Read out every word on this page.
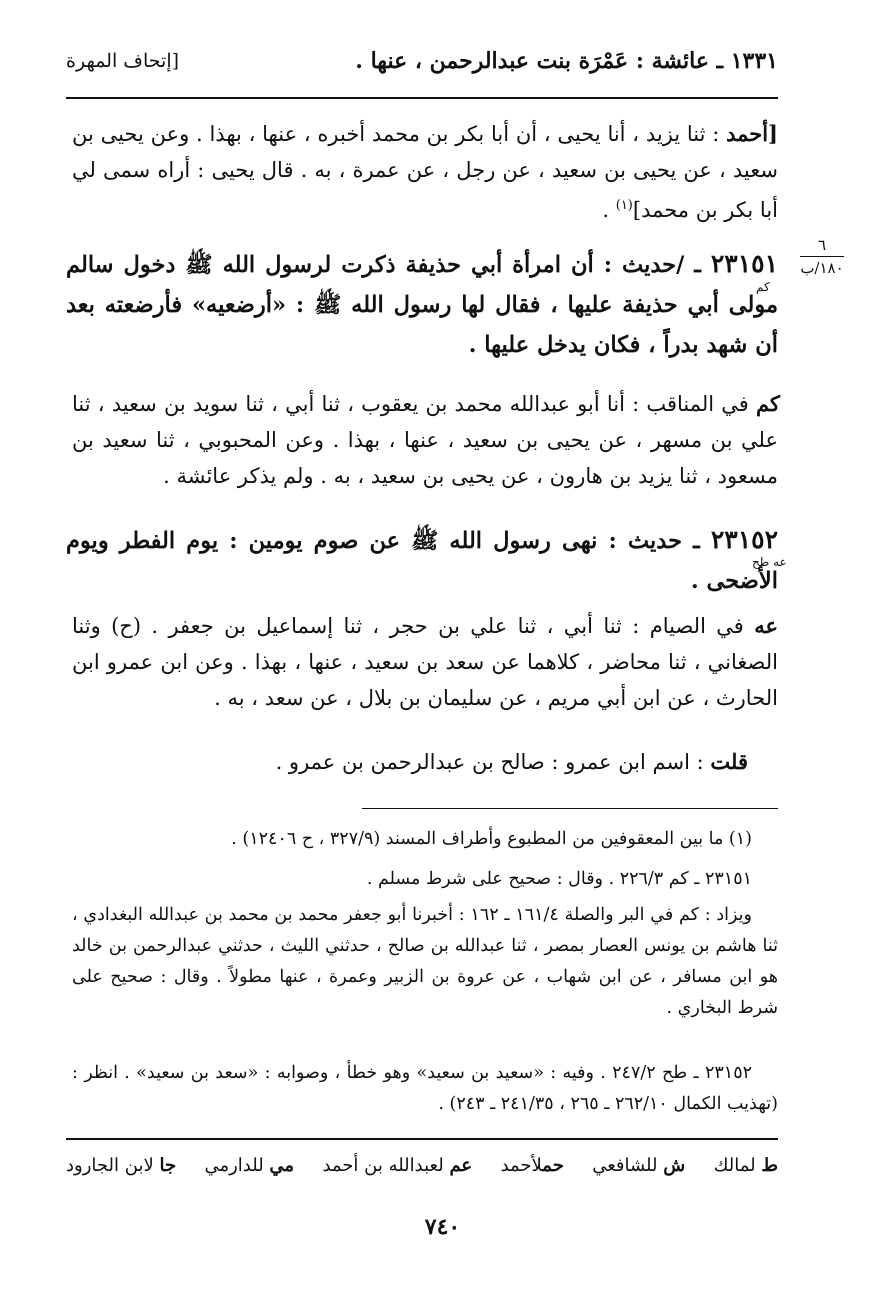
١٣٣١ ـ عائشة : عَمْرَة بنت عبدالرحمن ، عنها .
[إتحاف المهرة
٦
١٨٠/ب
[أحمد : ثنا يزيد ، أنا يحيى ، أن أبا بكر بن محمد أخبره ، عنها ، بهذا . وعن يحيى بن سعيد ، عن يحيى بن سعيد ، عن رجل ، عن عمرة ، به . قال يحيى : أراه سمى لي أبا بكر بن محمد]$^{(١)}$ .
٢٣١٥١ ـ /حديث : أن امرأة أبي حذيفة ذكرت لرسول الله ﷺ دخول سالم مولى أبي حذيفة عليها ، فقال لها رسول الله ﷺ : «أرضعيه» فأرضعته بعد أن شهد بدراً ، فكان يدخل عليها .
كم
كم في المناقب : أنا أبو عبدالله محمد بن يعقوب ، ثنا أبي ، ثنا سويد بن سعيد ، ثنا علي بن مسهر ، عن يحيى بن سعيد ، عنها ، بهذا . وعن المحبوبي ، ثنا سعيد بن مسعود ، ثنا يزيد بن هارون ، عن يحيى بن سعيد ، به . ولم يذكر عائشة .
٢٣١٥٢ ـ حديث : نهى رسول الله ﷺ عن صوم يومين : يوم الفطر ويوم الأضحى .
عه طح
عه في الصيام : ثنا أبي ، ثنا علي بن حجر ، ثنا إسماعيل بن جعفر . (ح) وثنا الصغاني ، ثنا محاضر ، كلاهما عن سعد بن سعيد ، عنها ، بهذا . وعن ابن عمرو ابن الحارث ، عن ابن أبي مريم ، عن سليمان بن بلال ، عن سعد ، به .
قلت : اسم ابن عمرو : صالح بن عبدالرحمن بن عمرو .
(١) ما بين المعقوفين من المطبوع وأطراف المسند (٣٢٧/٩ ، ح ١٢٤٠٦) .
٢٣١٥١ ـ كم ٢٢٦/٣ . وقال : صحيح على شرط مسلم .
ويزاد : كم في البر والصلة ١٦١/٤ ـ ١٦٢ : أخبرنا أبو جعفر محمد بن محمد بن عبدالله البغدادي ، ثنا هاشم بن يونس العصار بمصر ، ثنا عبدالله بن صالح ، حدثني الليث ، حدثني عبدالرحمن بن خالد هو ابن مسافر ، عن ابن شهاب ، عن عروة بن الزبير وعمرة ، عنها مطولاً . وقال : صحيح على شرط البخاري .
٢٣١٥٢ ـ طح ٢٤٧/٢ . وفيه : «سعيد بن سعيد» وهو خطأ ، وصوابه : «سعد بن سعيد» . انظر : (تهذيب الكمال ٢٦٢/١٠ ـ ٢٦٥ ، ٢٤١/٣٥ ـ ٢٤٣) .
ط لمالك
ش للشافعي
حملأحمد
عم لعبدالله بن أحمد
مي للدارمي
جا لابن الجارود
٧٤٠
